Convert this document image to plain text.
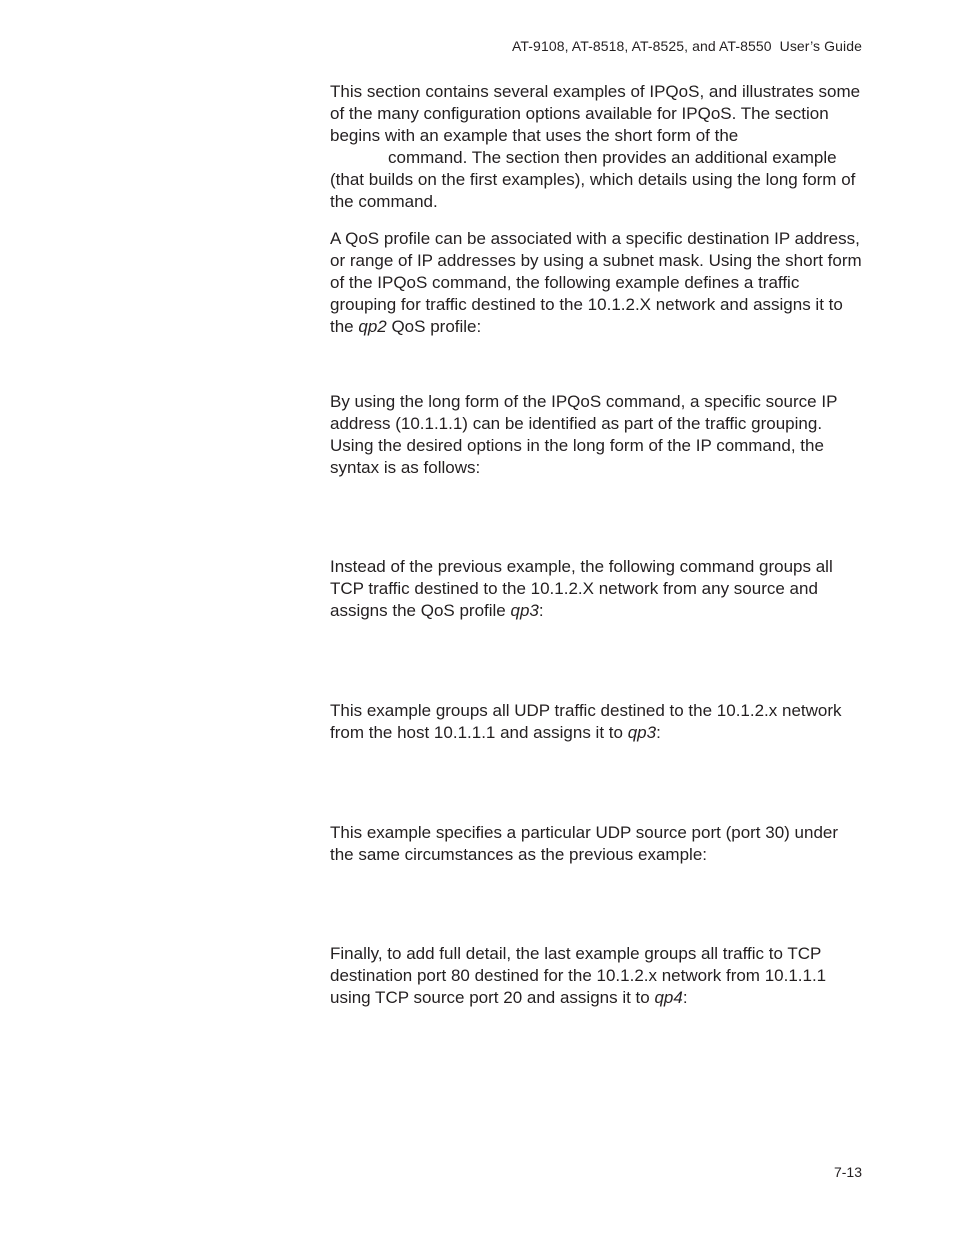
AT-9108, AT-8518, AT-8525, and AT-8550  User’s Guide

This section contains several examples of IPQoS, and illustrates some of the many configuration options available for IPQoS. The section begins with an example that uses the short form of the
command. The section then provides an additional example (that builds on the first examples), which details using the long form of the command.

A QoS profile can be associated with a specific destination IP address, or range of IP addresses by using a subnet mask. Using the short form of the IPQoS command, the following example defines a traffic grouping for traffic destined to the 10.1.2.X network and assigns it to the qp2 QoS profile:

By using the long form of the IPQoS command, a specific source IP address (10.1.1.1) can be identified as part of the traffic grouping. Using the desired options in the long form of the IP command, the syntax is as follows:

Instead of the previous example, the following command groups all TCP traffic destined to the 10.1.2.X network from any source and assigns the QoS profile qp3:

This example groups all UDP traffic destined to the 10.1.2.x network from the host 10.1.1.1 and assigns it to qp3:

This example specifies a particular UDP source port (port 30) under the same circumstances as the previous example:

Finally, to add full detail, the last example groups all traffic to TCP destination port 80 destined for the 10.1.2.x network from 10.1.1.1 using TCP source port 20 and assigns it to qp4:

7-13
